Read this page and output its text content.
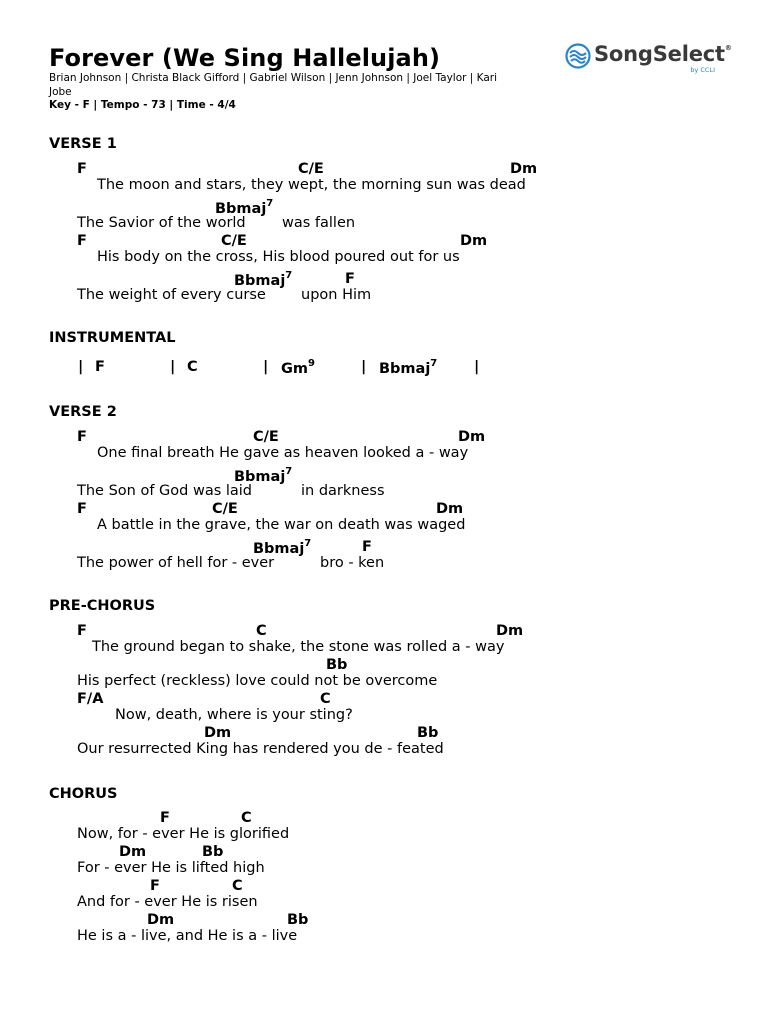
Forever (We Sing Hallelujah)
Brian Johnson | Christa Black Gifford | Gabriel Wilson | Jenn Johnson | Joel Taylor | Kari Jobe
Key - F | Tempo - 73 | Time - 4/4
SongSelect®
by CCLI
VERSE 1
F	C/E	Dm
The moon and stars, they wept, the morning sun was dead
Bbmaj$^7$
The Savior of the world	was fallen
F	C/E	Dm
His body on the cross, His blood poured out for us
Bbmaj$^7$	F
The weight of every curse upon Him
INSTRUMENTAL
| F	| C	| Gm$^9$	| Bbmaj$^7$	|
VERSE 2
F	C/E	Dm
One final breath He gave as heaven looked a - way
Bbmaj$^7$
The Son of God was laid	in darkness
F	C/E	Dm
A battle in the grave, the war on death was waged
Bbmaj$^7$	F
The power of hell for - ever	bro - ken
PRE-CHORUS
F	C	Dm
The ground began to shake, the stone was rolled a - way
Bb
His perfect (reckless) love could not be overcome
F/A	C
Now, death, where is your sting?
Dm	Bb
Our resurrected King has rendered you de - feated
CHORUS
F	C
Now, for - ever He is glorified
Dm	Bb
For - ever He is lifted high
F	C
And for - ever He is risen
Dm	Bb
He is a - live, and He is a - live
